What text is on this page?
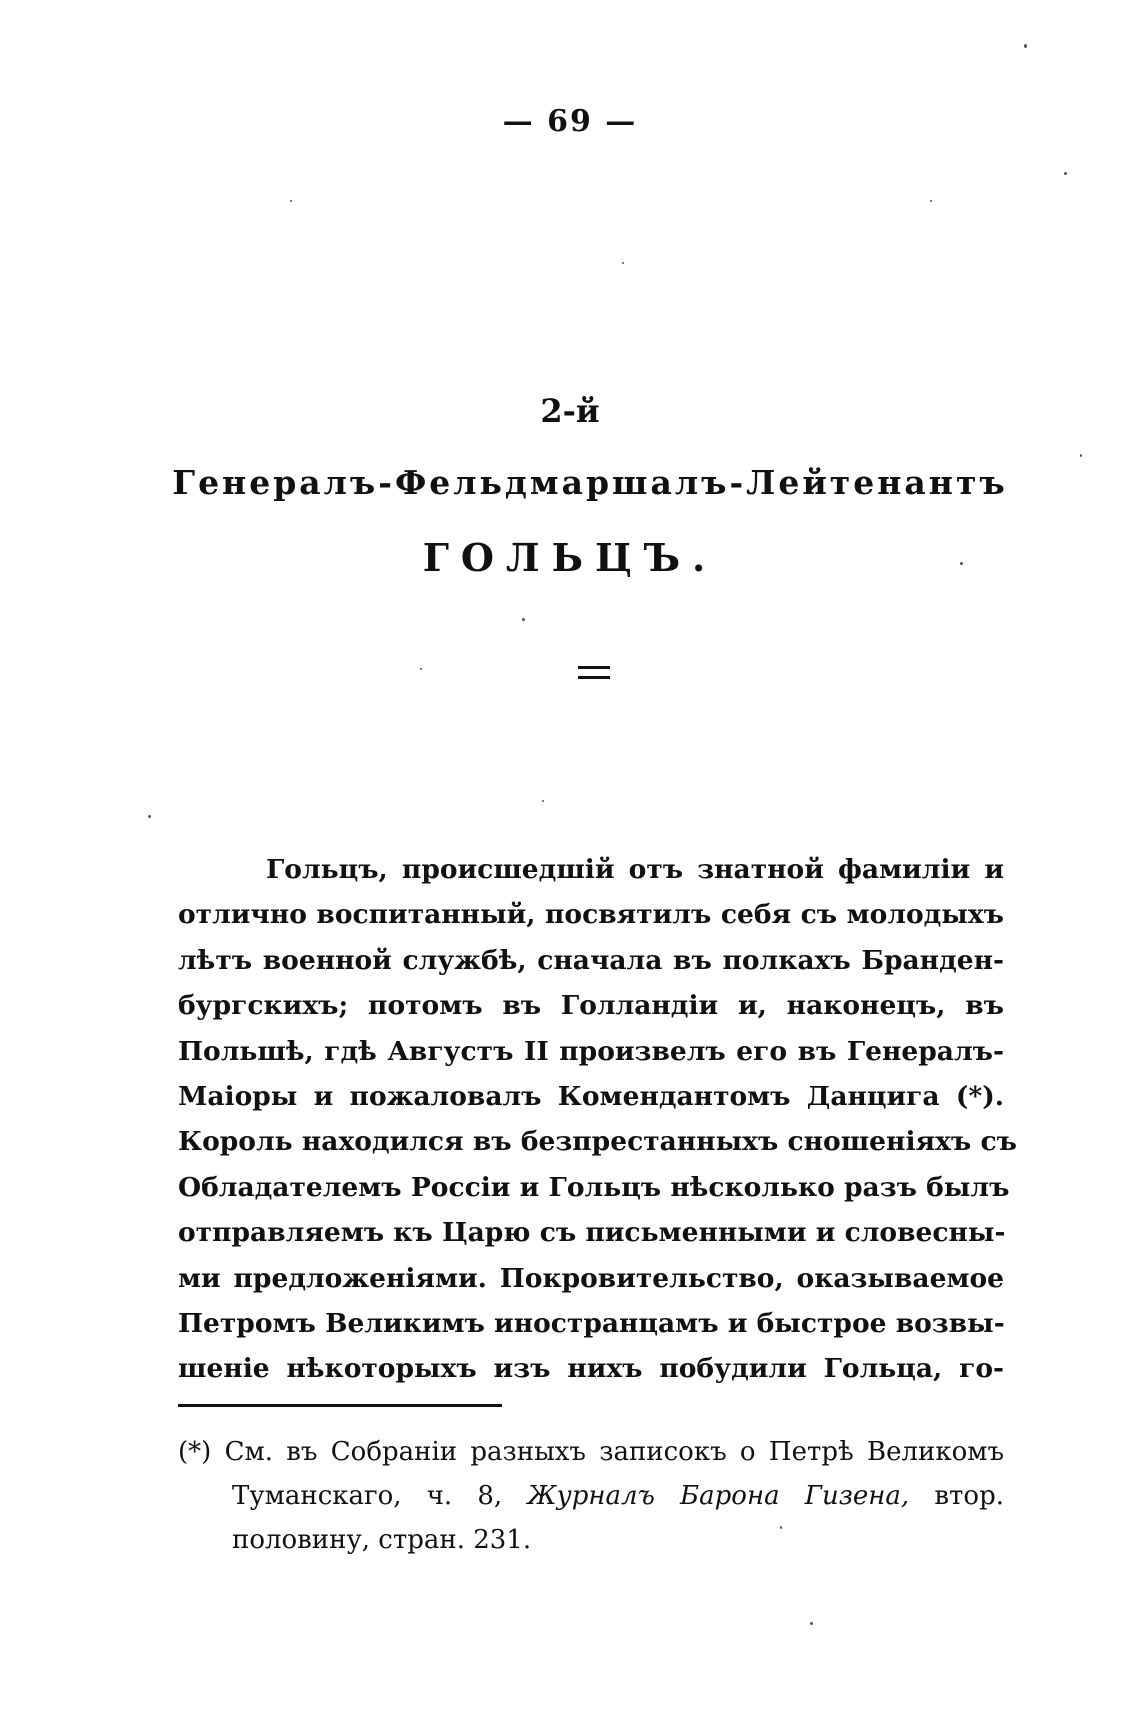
— 69 —
2-й
Генералъ-Фельдмаршалъ-Лейтенантъ
ГОЛЬЦЪ.
Гольцъ, происшедшій отъ знатной фамиліи и
отлично воспитанный, посвятилъ себя съ молодыхъ
лѣтъ военной службѣ, сначала въ полкахъ Бранден-
бургскихъ; потомъ въ Голландіи и, наконецъ, въ
Польшѣ, гдѣ Августъ II произвелъ его въ Генералъ-
Маіоры и пожаловалъ Комендантомъ Данцига (*).
Король находился въ безпрестанныхъ сношеніяхъ съ
Обладателемъ Россіи и Гольцъ нѣсколько разъ былъ
отправляемъ къ Царю съ письменными и словесны-
ми предложеніями. Покровительство, оказываемое
Петромъ Великимъ иностранцамъ и быстрое возвы-
шеніе нѣкоторыхъ изъ нихъ побудили Гольца, го-
(*) См. въ Собраніи разныхъ записокъ о Петрѣ Великомъ
Туманскаго, ч. 8, Журналъ Барона Гизена, втор.
половину, стран. 231.
